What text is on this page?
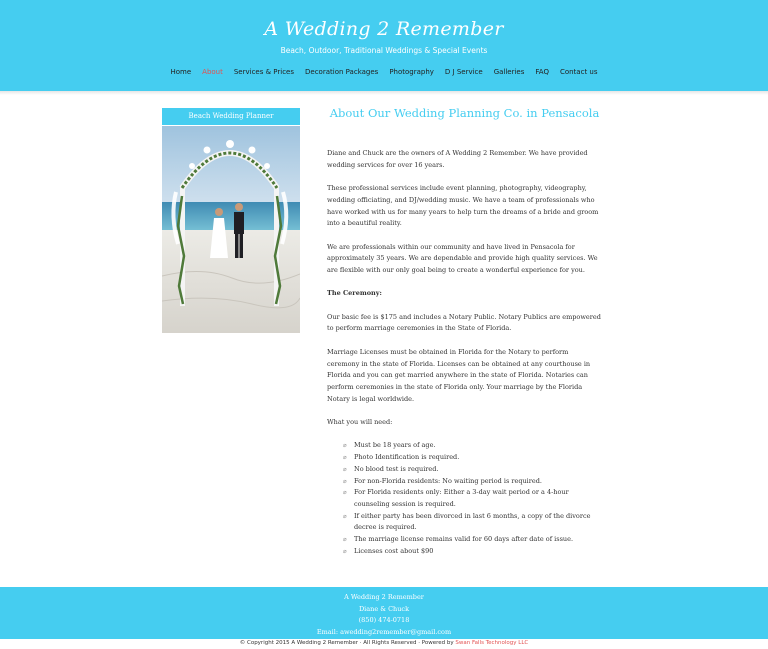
A Wedding 2 Remember
Beach, Outdoor, Traditional Weddings & Special Events
Home About Services & Prices Decoration Packages Photography D J Service Galleries FAQ Contact us
Beach Wedding Planner	About Our Wedding Planning Co. in Pensacola

Diane and Chuck are the owners of A Wedding 2 Remember. We have provided wedding services for over 16 years.

These professional services include event planning, photography, videography, wedding officiating, and DJ/wedding music. We have a team of professionals who have worked with us for many years to help turn the dreams of a bride and groom into a beautiful reality.

We are professionals within our community and have lived in Pensacola for approximately 35 years. We are dependable and provide high quality services. We are flexible with our only goal being to create a wonderful experience for you.

The Ceremony:

Our basic fee is $175 and includes a Notary Public. Notary Publics are empowered to perform marriage ceremonies in the State of Florida.

Marriage Licenses must be obtained in Florida for the Notary to perform ceremony in the state of Florida. Licenses can be obtained at any courthouse in Florida and you can get married anywhere in the state of Florida. Notaries can perform ceremonies in the state of Florida only. Your marriage by the Florida Notary is legal worldwide.

What you will need:

⌀ Must be 18 years of age.
⌀ Photo Identification is required.
⌀ No blood test is required.
⌀ For non-Florida residents: No waiting period is required.
⌀ For Florida residents only: Either a 3-day wait period or a 4-hour counseling session is required.
⌀ If either party has been divorced in last 6 months, a copy of the divorce decree is required.
⌀ The marriage license remains valid for 60 days after date of issue.
⌀ Licenses cost about $90
A Wedding 2 Remember
Diane & Chuck
(850) 474-0718
Email: awedding2remember@gmail.com
© Copyright 2015 A Wedding 2 Remember · All Rights Reserved · Powered by Swan Falls Technology LLC
